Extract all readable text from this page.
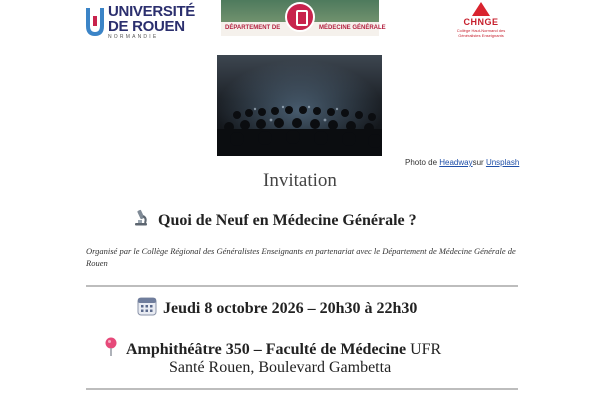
UNIVERSITÉ
DE ROUEN
NORMANDIE
DÉPARTEMENT DE	MÉDECINE GÉNÉRALE
CHNGE
Collège Haut-Normand des Généralistes Enseignants
Photo de Headwaysur Unsplash
Invitation
Quoi de Neuf en Médecine Générale ?
Organisé par le Collège Régional des Généralistes Enseignants en partenariat avec le Département de Médecine Générale de Rouen
Jeudi 8 octobre 2026 – 20h30 à 22h30
Amphithéâtre 350 – Faculté de Médecine UFR
Santé Rouen, Boulevard Gambetta
